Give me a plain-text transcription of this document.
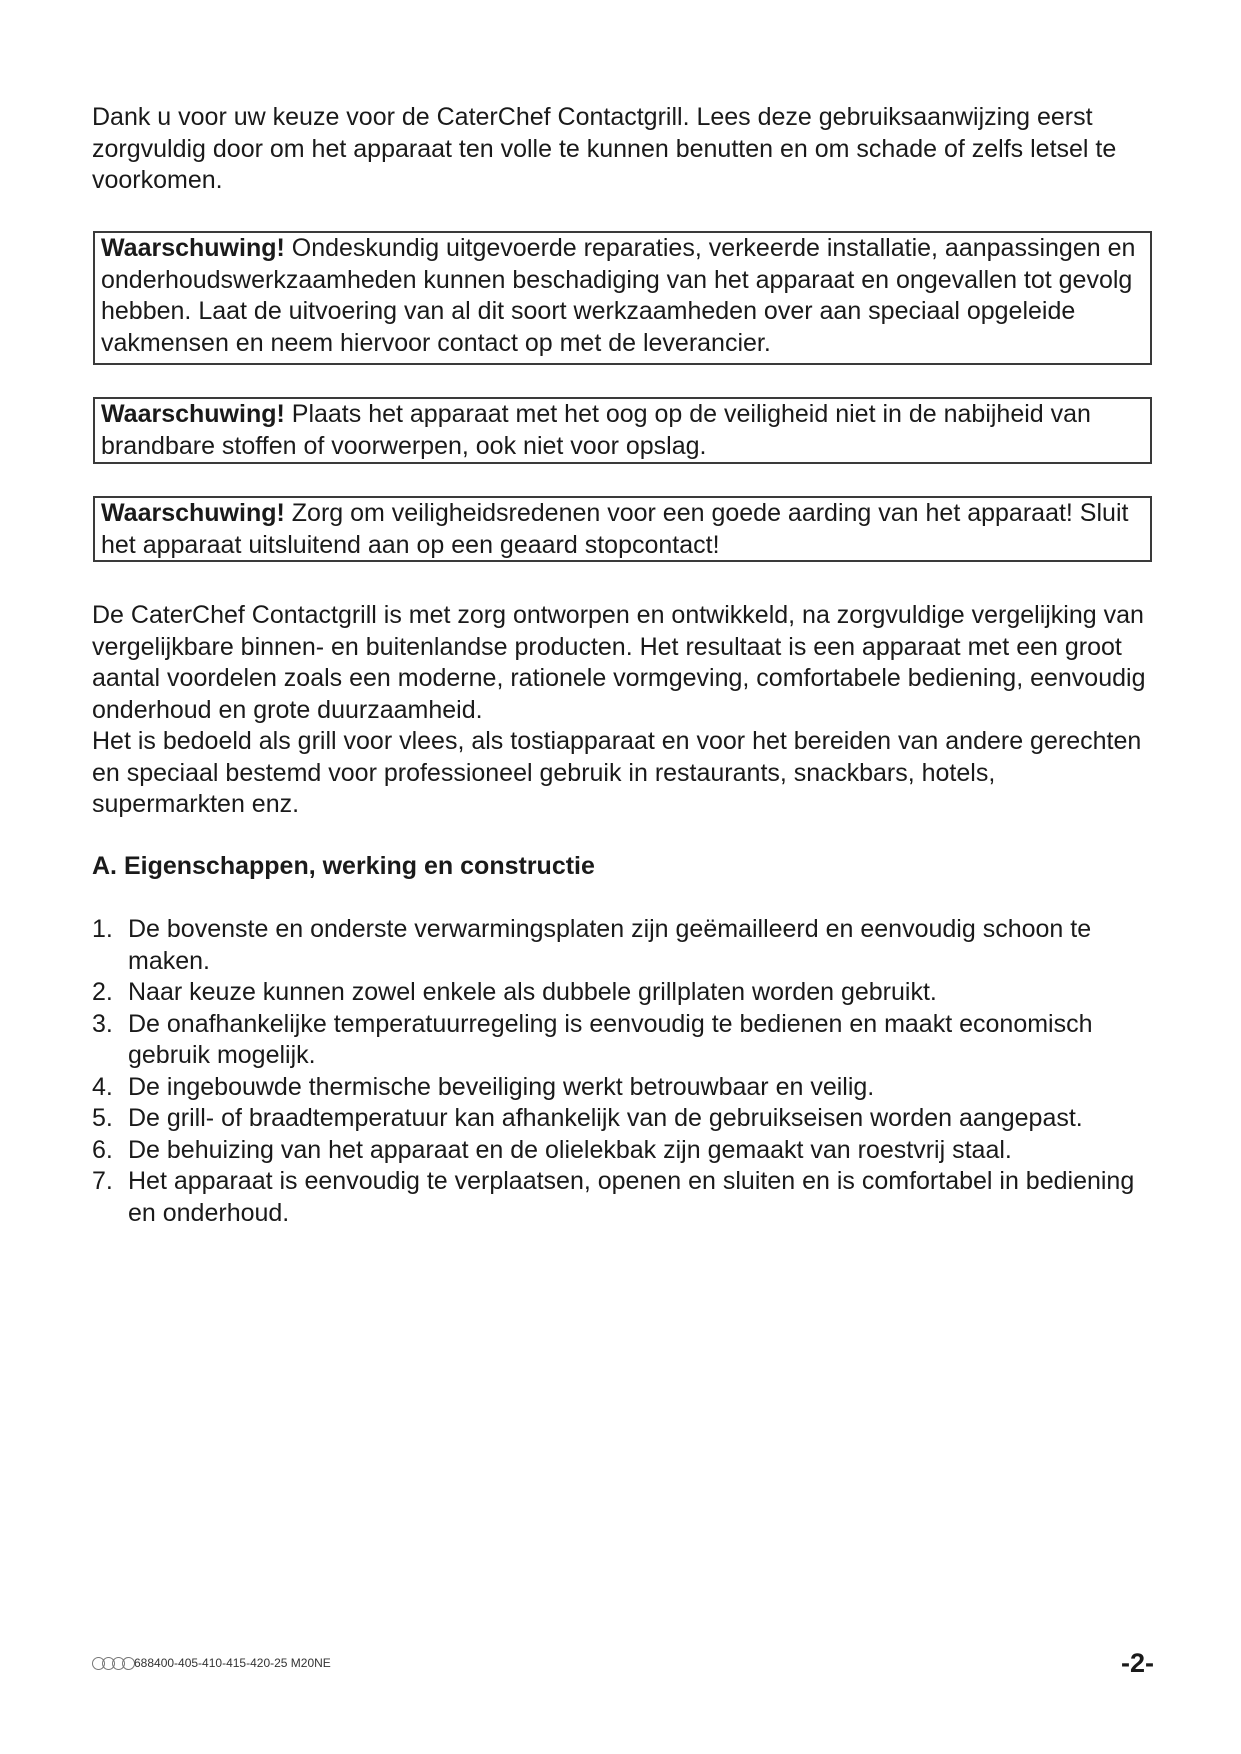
Dank u voor uw keuze voor de CaterChef Contactgrill. Lees deze gebruiksaanwijzing eerst zorgvuldig door om het apparaat ten volle te kunnen benutten en om schade of zelfs letsel te voorkomen.

Waarschuwing! Ondeskundig uitgevoerde reparaties, verkeerde installatie, aanpassingen en onderhoudswerkzaamheden kunnen beschadiging van het apparaat en ongevallen tot gevolg hebben. Laat de uitvoering van al dit soort werkzaamheden over aan speciaal opgeleide vakmensen en neem hiervoor contact op met de leverancier.
Waarschuwing! Plaats het apparaat met het oog op de veiligheid niet in de nabijheid van brandbare stoffen of voorwerpen, ook niet voor opslag.
Waarschuwing! Zorg om veiligheidsredenen voor een goede aarding van het apparaat! Sluit het apparaat uitsluitend aan op een geaard stopcontact!

De CaterChef Contactgrill is met zorg ontworpen en ontwikkeld, na zorgvuldige vergelijking van vergelijkbare binnen- en buitenlandse producten. Het resultaat is een apparaat met een groot aantal voordelen zoals een moderne, rationele vormgeving, comfortabele bediening, eenvoudig onderhoud en grote duurzaamheid.

Het is bedoeld als grill voor vlees, als tostiapparaat en voor het bereiden van andere gerechten en speciaal bestemd voor professioneel gebruik in restaurants, snackbars, hotels, supermarkten enz.

A. Eigenschappen, werking en constructie
1. De bovenste en onderste verwarmingsplaten zijn geëmailleerd en eenvoudig schoon te maken.
2. Naar keuze kunnen zowel enkele als dubbele grillplaten worden gebruikt.
3. De onafhankelijke temperatuurregeling is eenvoudig te bedienen en maakt economisch gebruik mogelijk.
4. De ingebouwde thermische beveiliging werkt betrouwbaar en veilig.
5. De grill- of braadtemperatuur kan afhankelijk van de gebruikseisen worden aangepast.
6. De behuizing van het apparaat en de olielekbak zijn gemaakt van roestvrij staal.
7. Het apparaat is eenvoudig te verplaatsen, openen en sluiten en is comfortabel in bediening en onderhoud.
688400-405-410-415-420-25 M20NE	-2-
